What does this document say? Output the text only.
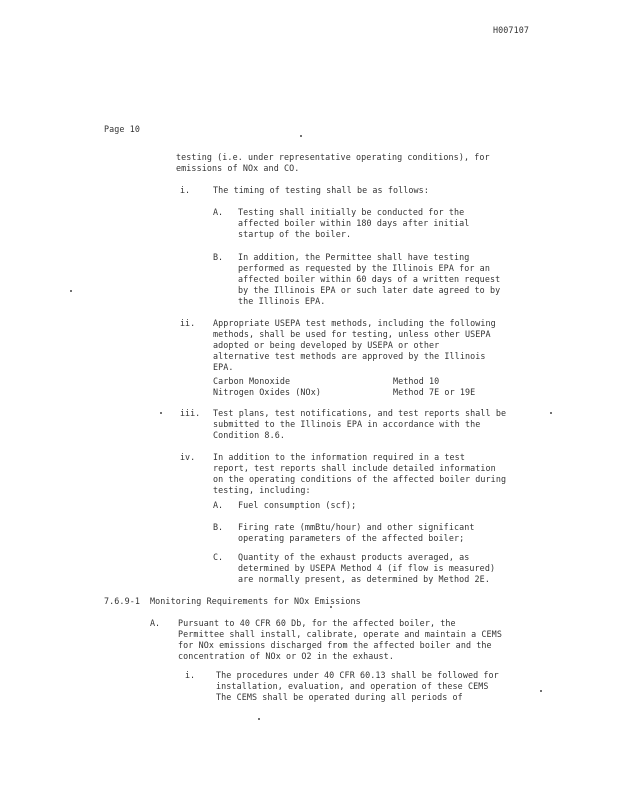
H007107
Page 10
testing (i.e. under representative operating conditions), for
emissions of NOx and CO.
i.	The timing of testing shall be as follows:
A. Testing shall initially be conducted for the
affected boiler within 180 days after initial
startup of the boiler.
B. In addition, the Permittee shall have testing
performed as requested by the Illinois EPA for an
affected boiler within 60 days of a written request
by the Illinois EPA or such later date agreed to by
the Illinois EPA.
ii. Appropriate USEPA test methods, including the following
methods, shall be used for testing, unless other USEPA
adopted or being developed by USEPA or other
alternative test methods are approved by the Illinois
EPA.
Carbon Monoxide	Method 10
Nitrogen Oxides (NOx)	Method 7E or 19E
iii. Test plans, test notifications, and test reports shall be
submitted to the Illinois EPA in accordance with the
Condition 8.6.
iv. In addition to the information required in a test
report, test reports shall include detailed information
on the operating conditions of the affected boiler during
testing, including:
A. Fuel consumption (scf);
B. Firing rate (mmBtu/hour) and other significant
operating parameters of the affected boiler;
C. Quantity of the exhaust products averaged, as
determined by USEPA Method 4 (if flow is measured)
are normally present, as determined by Method 2E.
7.6.9-1 Monitoring Requirements for NOx Emissions
A. Pursuant to 40 CFR 60 Db, for the affected boiler, the
Permittee shall install, calibrate, operate and maintain a CEMS
for NOx emissions discharged from the affected boiler and the
concentration of NOx or O2 in the exhaust.
i. The procedures under 40 CFR 60.13 shall be followed for
installation, evaluation, and operation of these CEMS
The CEMS shall be operated during all periods of
